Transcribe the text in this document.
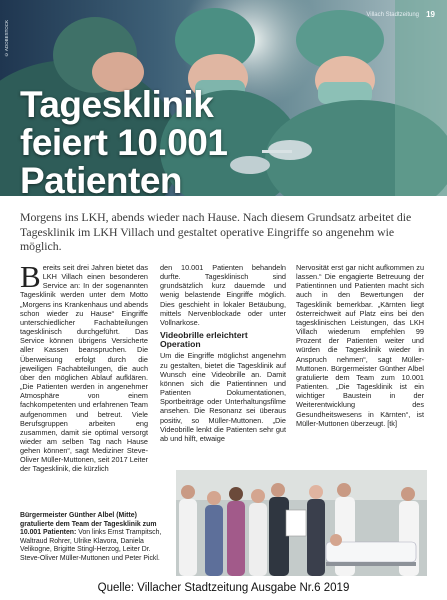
© ADOBESTOCK
Villach Stadtzeitung 19
Tagesklinik
feiert 10.001
Patienten

Morgens ins LKH, abends wieder nach Hause. Nach diesem Grundsatz arbeitet die Tagesklinik im LKH Villach und gestaltet operative Eingriffe so angenehm wie möglich.

Bereits seit drei Jahren bietet das LKH Villach einen besonderen Service an: In der sogenannten Tagesklinik werden unter dem Motto „Morgens ins Krankenhaus und abends schon wieder zu Hause“ Eingriffe unterschiedlicher Fachabteilungen tagesklinisch durchgeführt. Das Service können übrigens Versicherte aller Kassen beanspruchen. Die Überweisung erfolgt durch die jeweiligen Fachabteilungen, die auch über den möglichen Ablauf aufklären. „Die Patienten werden in angenehmer Atmosphäre von einem fachkompetenten und erfahrenen Team aufgenommen und betreut. Viele Berufsgruppen arbeiten eng zusammen, damit sie optimal versorgt wieder am selben Tag nach Hause gehen können“, sagt Mediziner Steve-Oliver Müller-Muttonen, seit 2017 Leiter der Tagesklinik, die kürzlich
den 10.001 Patienten behandeln durfte. Tagesklinisch sind grundsätzlich kurz dauernde und wenig belastende Eingriffe möglich. Dies geschieht in lokaler Betäubung, mittels Nervenblockade oder unter Vollnarkose.
Videobrille erleichtert Operation
Um die Eingriffe möglichst angenehm zu gestalten, bietet die Tagesklinik auf Wunsch eine Videobrille an. Damit können sich die Patientinnen und Patienten Dokumentationen, Sportbeiträge oder Unterhaltungsfilme ansehen. Die Resonanz sei überaus positiv, so Müller-Muttonen. „Die Videobrille lenkt die Patienten sehr gut ab und hilft, etwaige
Nervosität erst gar nicht aufkommen zu lassen.“ Die engagierte Betreuung der Patientinnen und Patienten macht sich auch in den Bewertungen der Tagesklinik bemerkbar. „Kärnten liegt österreichweit auf Platz eins bei den tagesklinischen Leistungen, das LKH Villach wiederum empfehlen 99 Prozent der Patienten weiter und würden die Tagesklinik wieder in Anspruch nehmen“, sagt Müller-Muttonen. Bürgermeister Günther Albel gratulierte dem Team zum 10.001 Patienten. „Die Tagesklinik ist ein wichtiger Baustein in der Weiterentwicklung des Gesundheitswesens in Kärnten“, ist Müller-Muttonen überzeugt. [tk]

Bürgermeister Günther Albel (Mitte) gratulierte dem Team der Tagesklinik zum 10.001 Patienten: Von links Ernst Trampitsch, Waltraud Rohrer, Ulrike Klavora, Daniela Velikogne, Brigitte Stingl-Herzog, Leiter Dr. Steve-Oliver Müller-Muttonen und Peter Pickl.

Quelle: Villacher Stadtzeitung Ausgabe Nr.6 2019
